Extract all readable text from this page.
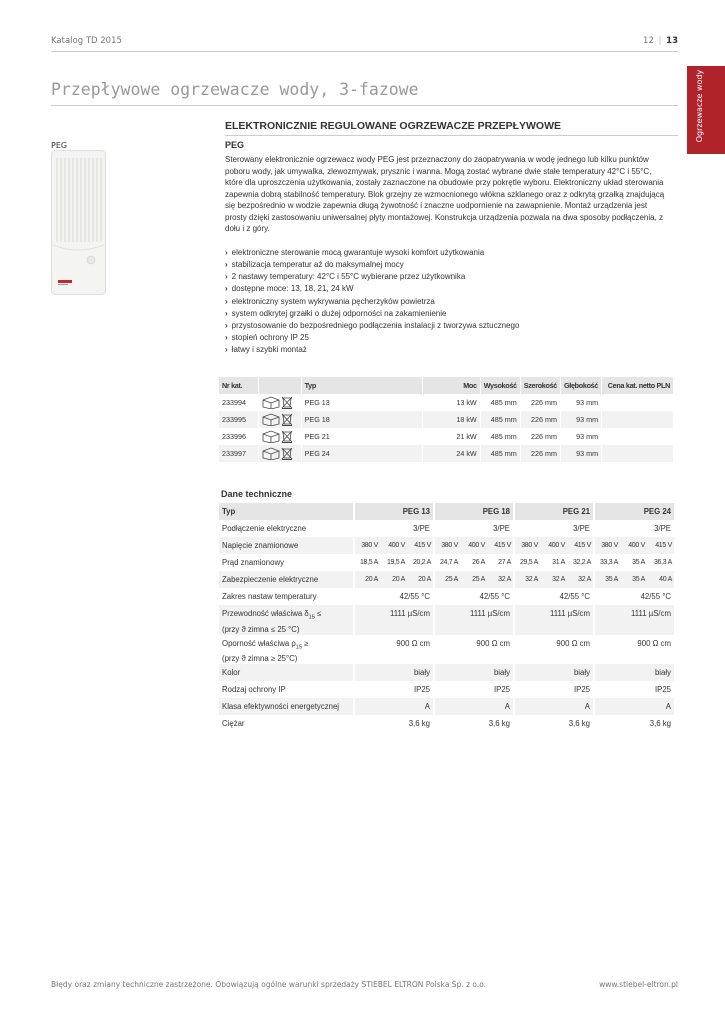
Katalog TD 2015	12 | 13
Przepływowe ogrzewacze wody, 3-fazowe	Ogrzewacze wody
ELEKTRONICZNIE REGULOWANE OGRZEWACZE PRZEPŁYWOWE
PEG	PEG
Sterowany elektronicznie ogrzewacz wody PEG jest przeznaczony do zaopatrywania w wodę jednego lub kilku punktów poboru wody, jak umywalka, zlewozmywak, prysznic i wanna. Mogą zostać wybrane dwie stałe temperatury 42°C i 55°C, które dla uproszczenia użytkowania, zostały zaznaczone na obudowie przy pokrętle wyboru. Elektroniczny układ sterowania zapewnia dobrą stabilność temperatury. Blok grzejny ze wzmocnionego włókna szklanego oraz z odkrytą grzałką znajdującą się bezpośrednio w wodzie zapewnia długą żywotność i znaczne uodpornienie na zawapnienie. Montaż urządzenia jest prosty dzięki zastosowaniu uniwersalnej płyty montażowej. Konstrukcja urządzenia pozwala na dwa sposoby podłączenia, z dołu i z góry.
› elektroniczne sterowanie mocą gwarantuje wysoki komfort użytkowania
› stabilizacja temperatur aż do maksymalnej mocy
› 2 nastawy temperatury: 42°C i 55°C wybierane przez użytkownika
› dostępne moce: 13, 18, 21, 24 kW
› elektroniczny system wykrywania pęcherzyków powietrza
› system odkrytej grzałki o dużej odporności na zakamienienie
› przystosowanie do bezpośredniego podłączenia instalacji z tworzywa sztucznego
› stopień ochrony IP 25
› łatwy i szybki montaż
Nr kat.		Typ	Moc	Wysokość	Szerokość	Głębokość	Cena kat. netto PLN
233994		PEG 13	13 kW	485 mm	226 mm	93 mm	
233995		PEG 18	18 kW	485 mm	226 mm	93 mm	
233996		PEG 21	21 kW	485 mm	226 mm	93 mm	
233997		PEG 24	24 kW	485 mm	226 mm	93 mm	
Dane techniczne
Typ	PEG 13			PEG 18			PEG 21			PEG 24		
Podłączenie elektryczne	3/PE			3/PE			3/PE			3/PE		
Napięcie znamionowe	380 V	400 V	415 V	380 V	400 V	415 V	380 V	400 V	415 V	380 V	400 V	415 V
Prąd znamionowy	18,5 A	19,5 A	20,2 A	24,7 A	26 A	27 A	29,5 A	31 A	32,2 A	33,3 A	35 A	36,3 A
Zabezpieczenie elektryczne	20 A	20 A	20 A	25 A	25 A	32 A	32 A	32 A	32 A	35 A	35 A	40 A
Zakres nastaw temperatury	42/55 °C			42/55 °C			42/55 °C			42/55 °C		
Przewodność właściwa $\delta_{15}$ ≤
(przy ϑ zimna ≤ 25 °C)	1111 µS/cm			1111 µS/cm			1111 µS/cm			1111 µS/cm		
Oporność właściwa $\rho_{15}$ ≥
(przy ϑ zimna ≥ 25°C)	900 Ω cm			900 Ω cm			900 Ω cm			900 Ω cm		
Kolor	biały			biały			biały			biały		
Rodzaj ochrony IP	IP25			IP25			IP25			IP25		
Klasa efektywności energetycznej	A			A			A			A		
Ciężar	3,6 kg			3,6 kg			3,6 kg			3,6 kg		
Błędy oraz zmiany techniczne zastrzeżone. Obowiązują ogólne warunki sprzedaży STIEBEL ELTRON Polska Sp. z o.o.	www.stiebel-eltron.pl
